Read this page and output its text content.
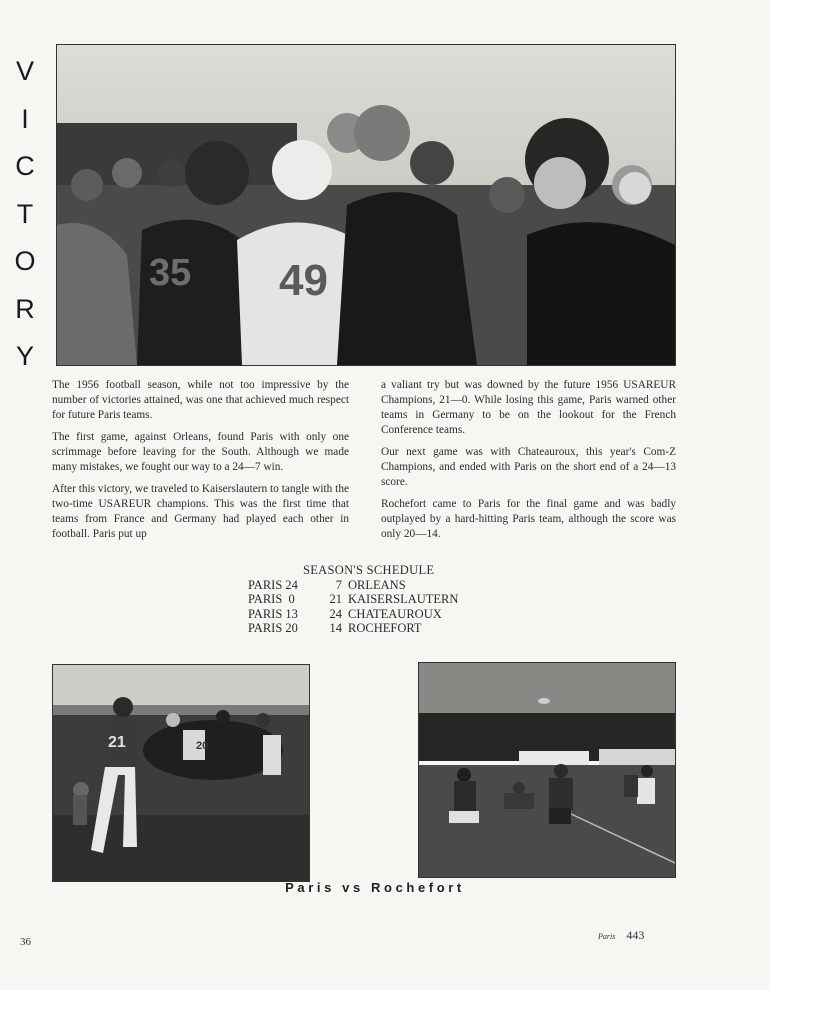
V
I
C
T
O
R
Y
35 49

The 1956 football season, while not too impressive by the number of victories attained, was one that achieved much respect for future Paris teams.

The first game, against Orleans, found Paris with only one scrimmage before leaving for the South. Although we made many mistakes, we fought our way to a 24—7 win.

After this victory, we traveled to Kaiserslautern to tangle with the two-time USAREUR champions. This was the first time that teams from France and Germany had played each other in football. Paris put up

a valiant try but was downed by the future 1956 USAREUR Champions, 21—0. While losing this game, Paris warned other teams in Germany to be on the lookout for the French Conference teams.

Our next game was with Chateauroux, this year's Com-Z Champions, and ended with Paris on the short end of a 24—13 score.

Rochefort came to Paris for the final game and was badly outplayed by a hard-hitting Paris team, although the score was only 20—14.

SEASON'S SCHEDULE
PARIS 24	7 ORLEANS
PARIS  0	21 KAISERSLAUTERN
PARIS 13	24 CHATEAUROUX
PARIS 20	14 ROCHEFORT
20
21
Paris vs Rochefort
36	Paris 443
